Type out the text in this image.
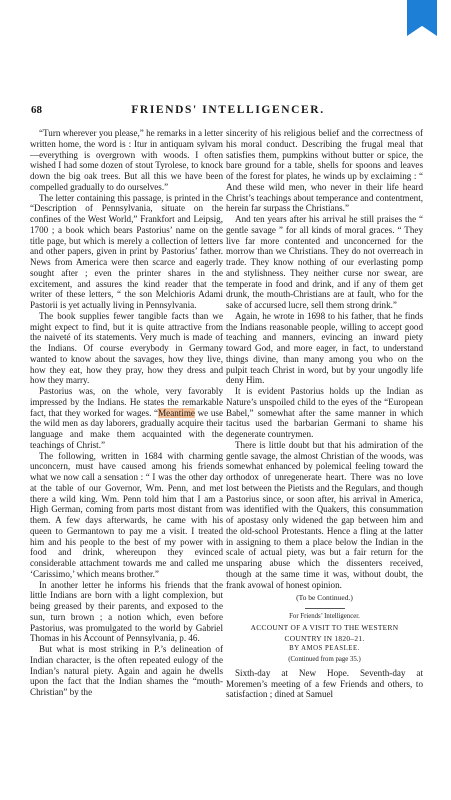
68	FRIENDS' INTELLIGENCER.

“Turn wherever you please,” he remarks in a letter written home, the word is : Itur in antiquam sylvam—everything is overgrown with woods. I often wished I had some dozen of stout Tyrolese, to knock down the big oak trees. But all this we have been compelled gradually to do ourselves.”

The letter containing this passage, is printed in the “Description of Pennsylvania, situate on the confines of the West World,” Frankfort and Leipsig, 1700 ; a book which bears Pastorius’ name on the title page, but which is merely a collection of letters and other papers, given in print by Pastorius’ father. News from America were then scarce and eagerly sought after ; even the printer shares in the excitement, and assures the kind reader that the writer of these letters, “ the son Melchioris Adami Pastorii is yet actually living in Pennsylvania.

The book supplies fewer tangible facts than we might expect to find, but it is quite attractive from the naiveté of its statements. Very much is made of the Indians. Of course everybody in Germany wanted to know about the savages, how they live, how they eat, how they pray, how they dress and how they marry.

Pastorius was, on the whole, very favorably impressed by the Indians. He states the remarkable fact, that they worked for wages. “Meantime we use the wild men as day laborers, gradually acquire their language and make them acquainted with the teachings of Christ.”

The following, written in 1684 with charming unconcern, must have caused among his friends what we now call a sensation : “ I was the other day at the table of our Governor, Wm. Penn, and met there a wild king. Wm. Penn told him that I am a High German, coming from parts most distant from them. A few days afterwards, he came with his queen to Germantown to pay me a visit. I treated him and his people to the best of my power with food and drink, whereupon they evinced considerable attachment towards me and called me ‘Carissimo,’ which means brother.”

In another letter he informs his friends that the little Indians are born with a light complexion, but being greased by their parents, and exposed to the sun, turn brown ; a notion which, even before Pastorius, was promulgated to the world by Gabriel Thomas in his Account of Pennsylvania, p. 46.

But what is most striking in P.’s delineation of Indian character, is the often repeated eulogy of the Indian’s natural piety. Again and again he dwells upon the fact that the Indian shames the “mouth-Christian” by the

sincerity of his religious belief and the correctness of his moral conduct. Describing the frugal meal that satisfies them, pumpkins without butter or spice, the bare ground for a table, shells for spoons and leaves of the forest for plates, he winds up by exclaiming : “ And these wild men, who never in their life heard Christ’s teachings about temperance and contentment, herein far surpass the Christians.”

And ten years after his arrival he still praises the “ gentle savage ” for all kinds of moral graces. “ They live far more contented and unconcerned for the morrow than we Christians. They do not overreach in trade. They know nothing of our everlasting pomp and stylishness. They neither curse nor swear, are temperate in food and drink, and if any of them get drunk, the mouth-Christians are at fault, who for the sake of accursed lucre, sell them strong drink.”

Again, he wrote in 1698 to his father, that he finds the Indians reasonable people, willing to accept good teaching and manners, evincing an inward piety toward God, and more eager, in fact, to understand things divine, than many among you who on the pulpit teach Christ in word, but by your ungodly life deny Him.

It is evident Pastorius holds up the Indian as Nature’s unspoiled child to the eyes of the “European Babel,” somewhat after the same manner in which tacitus used the barbarian Germani to shame his degenerate countrymen.

There is little doubt but that his admiration of the gentle savage, the almost Christian of the woods, was somewhat enhanced by polemical feeling toward the orthodox of unregenerate heart. There was no love lost between the Pietists and the Regulars, and though Pastorius since, or soon after, his arrival in America, was identified with the Quakers, this consummation of apostasy only widened the gap between him and the old-school Protestants. Hence a fling at the latter in assigning to them a place below the Indian in the scale of actual piety, was but a fair return for the unsparing abuse which the dissenters received, though at the same time it was, without doubt, the frank avowal of honest opinion.

(To be Continued.)

For Friends’ Intelligencer.

ACCOUNT OF A VISIT TO THE WESTERN

COUNTRY IN 1820–21.

BY AMOS PEASLEE.

(Continued from page 35.)

Sixth-day at New Hope. Seventh-day at Moremen’s meeting of a few Friends and others, to satisfaction ; dined at Samuel
